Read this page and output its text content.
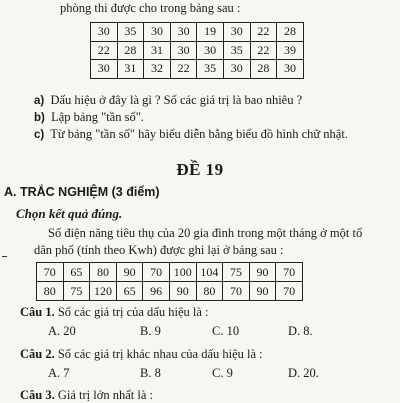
phòng thi được cho trong bảng sau :
30	35	30	30	19	30	22	28
22	28	31	30	30	35	22	39
30	31	32	22	35	30	28	30
a) Dấu hiệu ở đây là gì ? Số các giá trị là bao nhiêu ?
b) Lập bảng "tần số".
c) Từ bảng "tần số" hãy biểu diễn bằng biểu đồ hình chữ nhật.
ĐỀ 19
A. TRẮC NGHIỆM (3 điểm)
Chọn kết quả đúng.
Số điện năng tiêu thụ của 20 gia đình trong một tháng ở một tổ
dân phố (tính theo Kwh) được ghi lại ở bảng sau :
70	65	80	90	70	100	104	75	90	70
80	75	120	65	96	90	80	70	90	70
Câu 1. Số các giá trị của dấu hiệu là :
A. 20	B. 9	C. 10	D. 8.
Câu 2. Số các giá trị khác nhau của dấu hiệu là :
A. 7	B. 8	C. 9	D. 20.
Câu 3. Giá trị lớn nhất là :
